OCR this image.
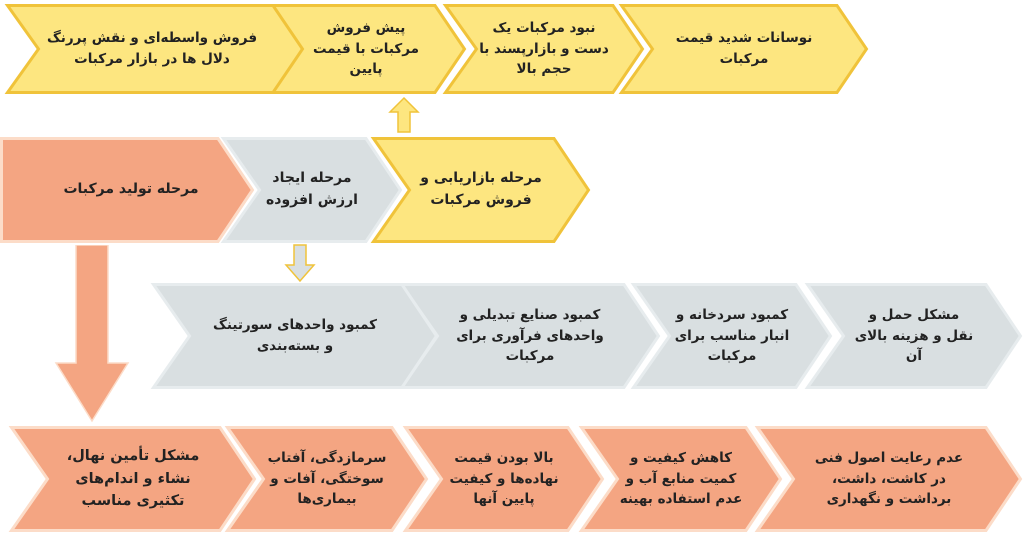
نوسانات شدید قیمت
مرکبات
نبود مرکبات یک
دست و بازارپسند با
حجم بالا
پیش فروش
مرکبات با قیمت
پایین
فروش واسطه‌ای و نقش پررنگ
دلال ها در بازار مرکبات
مرحله بازاریابی و
فروش مرکبات
مرحله ایجاد
ارزش افزوده
مرحله تولید مرکبات
مشکل حمل و
نقل و هزینه بالای
آن
کمبود سردخانه و
انبار مناسب برای
مرکبات
کمبود صنایع تبدیلی و
واحدهای فرآوری برای
مرکبات
کمبود واحدهای سورتینگ
و بسته‌بندی
عدم رعایت اصول فنی
در کاشت، داشت،
برداشت و نگهداری
کاهش کیفیت و
کمیت منابع آب و
عدم استفاده بهینه
بالا بودن قیمت
نهاده‌ها و کیفیت
پایین آنها
سرمازدگی، آفتاب
سوختگی، آفات و
بیماری‌ها
مشکل تأمین نهال،
نشاء و اندام‌های
تکثیری مناسب
